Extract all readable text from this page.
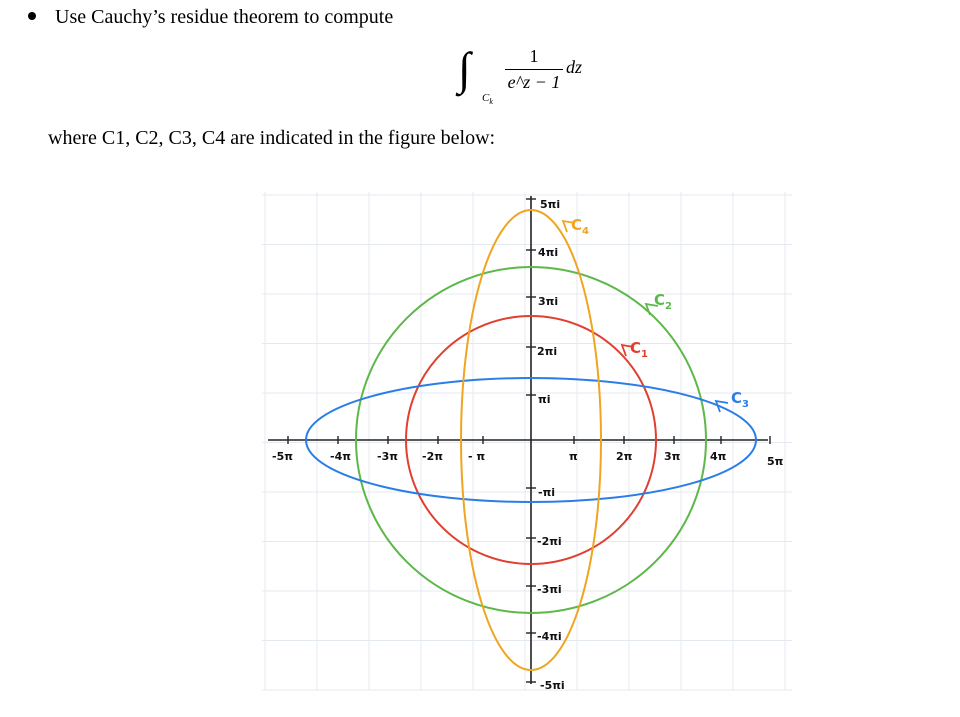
Use Cauchy’s residue theorem to compute
∫
$C_k$
1
e^z − 1
dz
where C1, C2, C3, C4 are indicated in the figure below:
-5π	-4π -3π -2π - π	π	2π	3π	4π	5π
5πi
4πi
3πi
2πi
πi
-πi
-2πi
-3πi
-4πi
-5πi
$C_4$
$C_2$
$C_1$
$C_3$
